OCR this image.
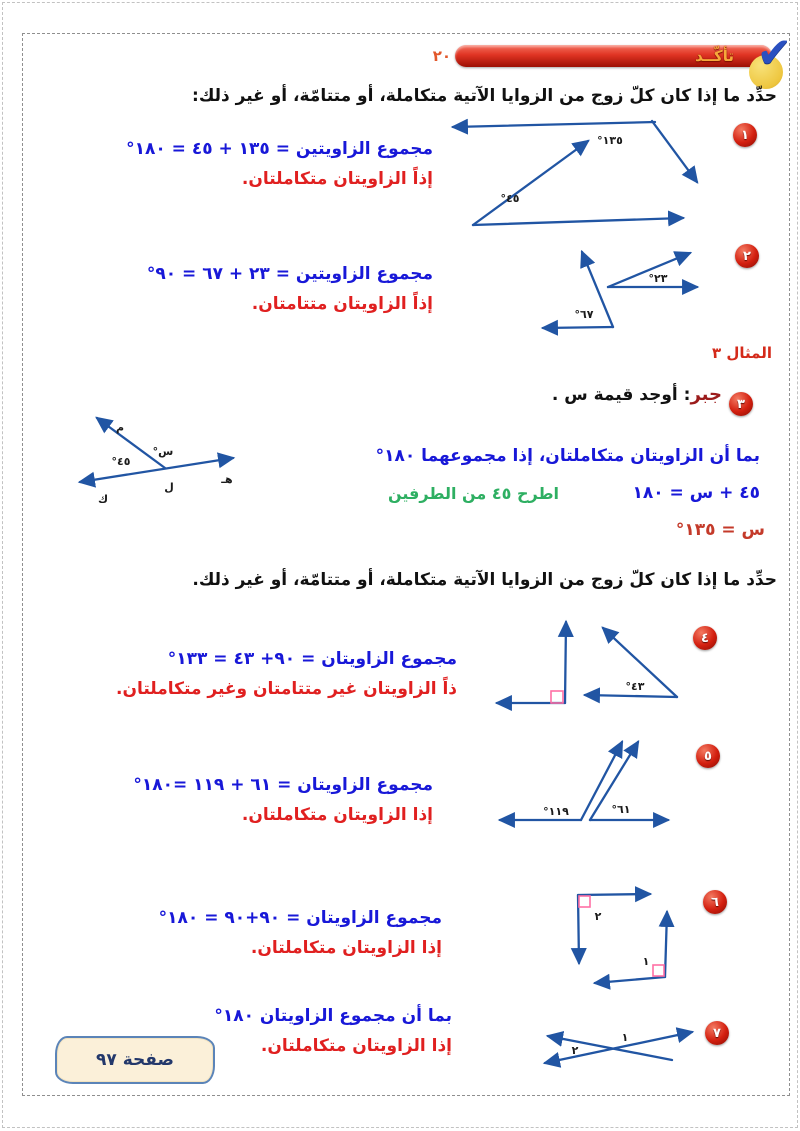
تأكّــد ✔
٢٠
حدِّد ما إذا كان كلّ زوج من الزوايا الآتية متكاملة، أو متتامّة، أو غير ذلك:
١
١٣٥°
٤٥°
مجموع الزاويتين = ١٣٥ + ٤٥ = ١٨٠°
إذاً الزاويتان متكاملتان.
٢
٢٣°
٦٧°
مجموع الزاويتين = ٢٣ + ٦٧ = ٩٠°
إذاً الزاويتان متتامتان.
المثال ٣
٣
جبر: أوجد قيمة س .
م
س°
٤٥°
هـ
ل
ك
بما أن الزاويتان متكاملتان، إذا مجموعهما ١٨٠°
٤٥ + س = ١٨٠
اطرح ٤٥ من الطرفين
س = ١٣٥°
حدِّد ما إذا كان كلّ زوج من الزوايا الآتية متكاملة، أو متتامّة، أو غير ذلك.
٤
٤٣°
مجموع الزاويتان = ٩٠+ ٤٣ = ١٣٣°
ذاً الزاويتان غير متتامتان وغير متكاملتان.
٥
١١٩°	٦١°
مجموع الزاويتان = ٦١ + ١١٩ =١٨٠°
إذا الزاويتان متكاملتان.
٦
٢
١
مجموع الزاويتان = ٩٠+٩٠ = ١٨٠°
إذا الزاويتان متكاملتان.
٧
١
٢
بما أن مجموع الزاويتان ١٨٠°
إذا الزاويتان متكاملتان.
صفحة ٩٧
